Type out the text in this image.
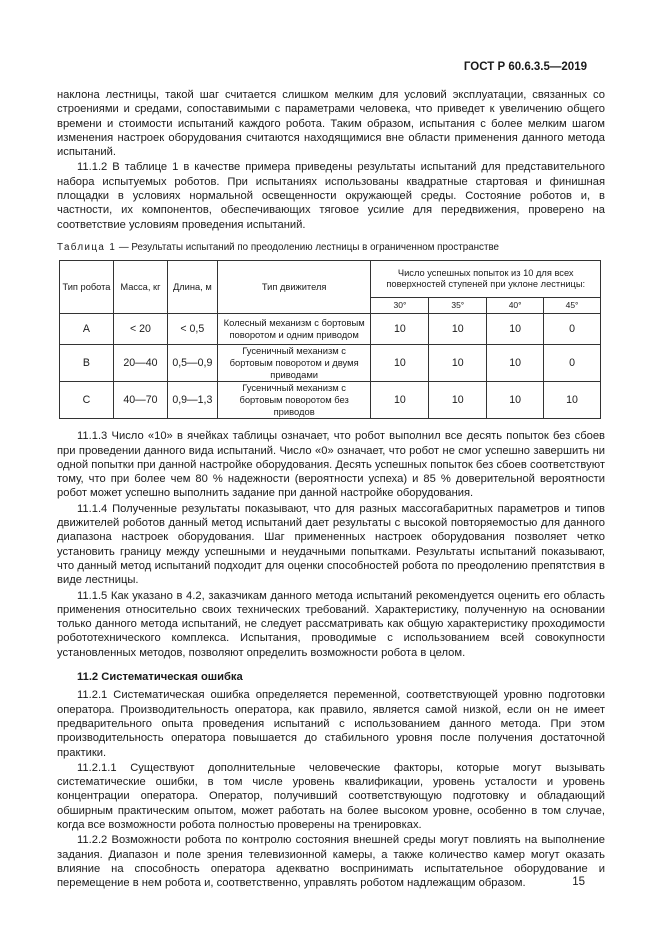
ГОСТ Р 60.6.3.5—2019

наклона лестницы, такой шаг считается слишком мелким для условий эксплуатации, связанных со строениями и средами, сопоставимыми с параметрами человека, что приведет к увеличению общего времени и стоимости испытаний каждого робота. Таким образом, испытания с более мелким шагом изменения настроек оборудования считаются находящимися вне области применения данного метода испытаний.

11.1.2 В таблице 1 в качестве примера приведены результаты испытаний для представительного набора испытуемых роботов. При испытаниях использованы квадратные стартовая и финишная площадки в условиях нормальной освещенности окружающей среды. Состояние роботов и, в частности, их компонентов, обеспечивающих тяговое усилие для передвижения, проверено на соответствие условиям проведения испытаний.

Таблица 1 — Результаты испытаний по преодолению лестницы в ограниченном пространстве

Тип робота	Масса, кг	Длина, м	Тип движителя	Число успешных попыток из 10 для всех поверхностей ступеней при уклоне лестницы:			
				30°	35°	40°	45°
А	< 20	< 0,5	Колесный механизм с бортовым поворотом и одним приводом	10	10	10	0
В	20—40	0,5—0,9	Гусеничный механизм с бортовым поворотом и двумя приводами	10	10	10	0
С	40—70	0,9—1,3	Гусеничный механизм с бортовым поворотом без приводов	10	10	10	10

11.1.3 Число «10» в ячейках таблицы означает, что робот выполнил все десять попыток без сбоев при проведении данного вида испытаний. Число «0» означает, что робот не смог успешно завершить ни одной попытки при данной настройке оборудования. Десять успешных попыток без сбоев соответствуют тому, что при более чем 80 % надежности (вероятности успеха) и 85 % доверительной вероятности робот может успешно выполнить задание при данной настройке оборудования.

11.1.4 Полученные результаты показывают, что для разных массогабаритных параметров и типов движителей роботов данный метод испытаний дает результаты с высокой повторяемостью для данного диапазона настроек оборудования. Шаг примененных настроек оборудования позволяет четко установить границу между успешными и неудачными попытками. Результаты испытаний показывают, что данный метод испытаний подходит для оценки способностей робота по преодолению препятствия в виде лестницы.

11.1.5 Как указано в 4.2, заказчикам данного метода испытаний рекомендуется оценить его область применения относительно своих технических требований. Характеристику, полученную на основании только данного метода испытаний, не следует рассматривать как общую характеристику проходимости робототехнического комплекса. Испытания, проводимые с использованием всей совокупности установленных методов, позволяют определить возможности робота в целом.

11.2 Систематическая ошибка

11.2.1 Систематическая ошибка определяется переменной, соответствующей уровню подготовки оператора. Производительность оператора, как правило, является самой низкой, если он не имеет предварительного опыта проведения испытаний с использованием данного метода. При этом производительность оператора повышается до стабильного уровня после получения достаточной практики.

11.2.1.1 Существуют дополнительные человеческие факторы, которые могут вызывать систематические ошибки, в том числе уровень квалификации, уровень усталости и уровень концентрации оператора. Оператор, получивший соответствующую подготовку и обладающий обширным практическим опытом, может работать на более высоком уровне, особенно в том случае, когда все возможности робота полностью проверены на тренировках.

11.2.2 Возможности робота по контролю состояния внешней среды могут повлиять на выполнение задания. Диапазон и поле зрения телевизионной камеры, а также количество камер могут оказать влияние на способность оператора адекватно воспринимать испытательное оборудование и перемещение в нем робота и, соответственно, управлять роботом надлежащим образом.	15
